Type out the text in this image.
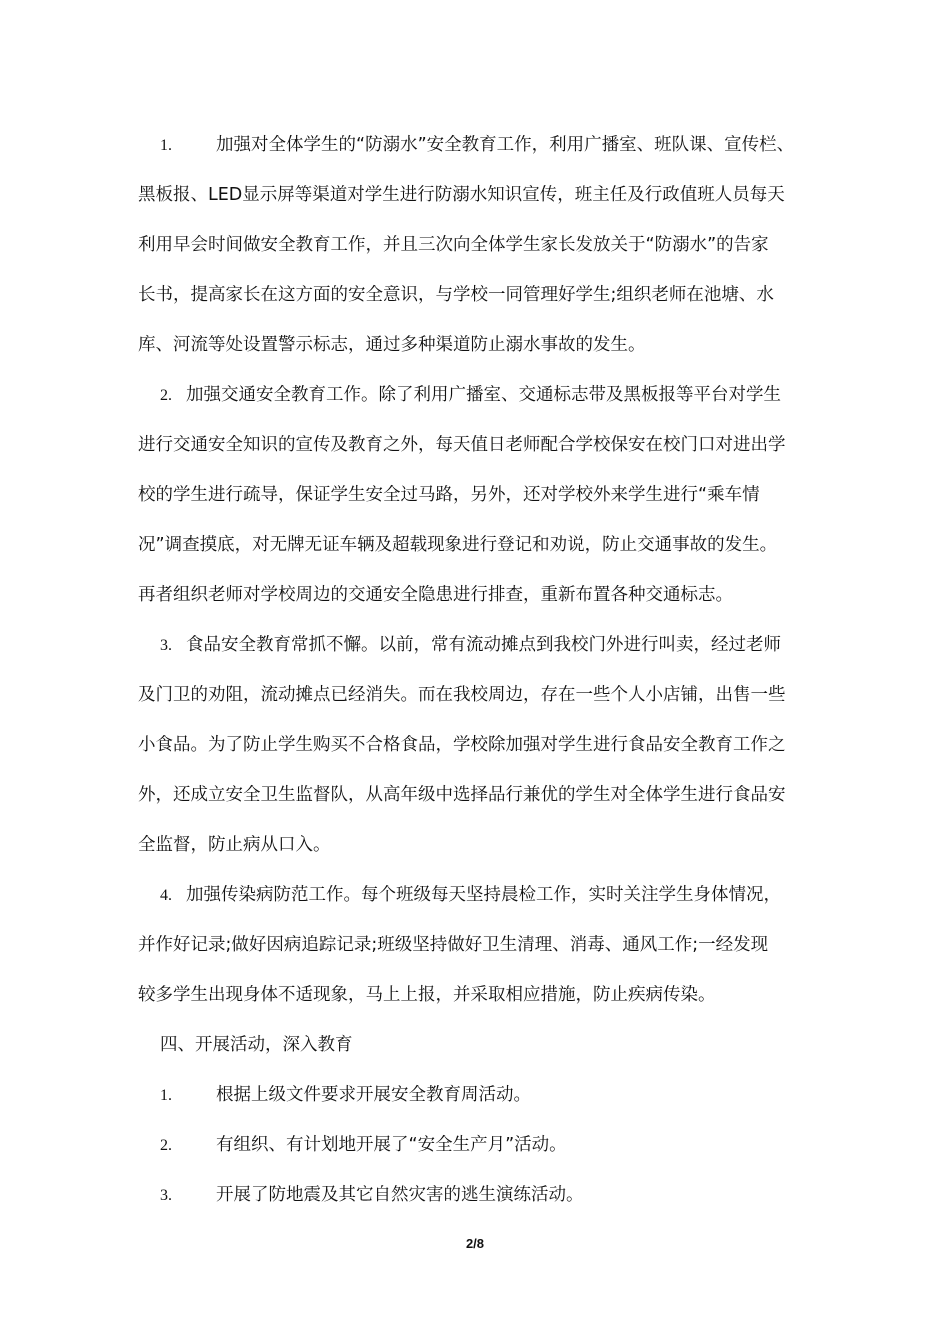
1.	加强对全体学生的“防溺水”安全教育工作，利用广播室、班队课、宣传栏、
黑板报、LED显示屏等渠道对学生进行防溺水知识宣传，班主任及行政值班人员每天
利用早会时间做安全教育工作，并且三次向全体学生家长发放关于“防溺水”的告家
长书，提高家长在这方面的安全意识，与学校一同管理好学生;组织老师在池塘、水
库、河流等处设置警示标志，通过多种渠道防止溺水事故的发生。
2. 加强交通安全教育工作。除了利用广播室、交通标志带及黑板报等平台对学生
进行交通安全知识的宣传及教育之外，每天值日老师配合学校保安在校门口对进出学
校的学生进行疏导，保证学生安全过马路，另外，还对学校外来学生进行“乘车情
况”调查摸底，对无牌无证车辆及超载现象进行登记和劝说，防止交通事故的发生。
再者组织老师对学校周边的交通安全隐患进行排查，重新布置各种交通标志。
3. 食品安全教育常抓不懈。以前，常有流动摊点到我校门外进行叫卖，经过老师
及门卫的劝阻，流动摊点已经消失。而在我校周边，存在一些个人小店铺，出售一些
小食品。为了防止学生购买不合格食品，学校除加强对学生进行食品安全教育工作之
外，还成立安全卫生监督队，从高年级中选择品行兼优的学生对全体学生进行食品安
全监督，防止病从口入。
4. 加强传染病防范工作。每个班级每天坚持晨检工作，实时关注学生身体情况，
并作好记录;做好因病追踪记录;班级坚持做好卫生清理、消毒、通风工作;一经发现
较多学生出现身体不适现象，马上上报，并采取相应措施，防止疾病传染。
四、开展活动，深入教育
1.	根据上级文件要求开展安全教育周活动。
2.	有组织、有计划地开展了“安全生产月”活动。
3.	开展了防地震及其它自然灾害的逃生演练活动。
2/8
